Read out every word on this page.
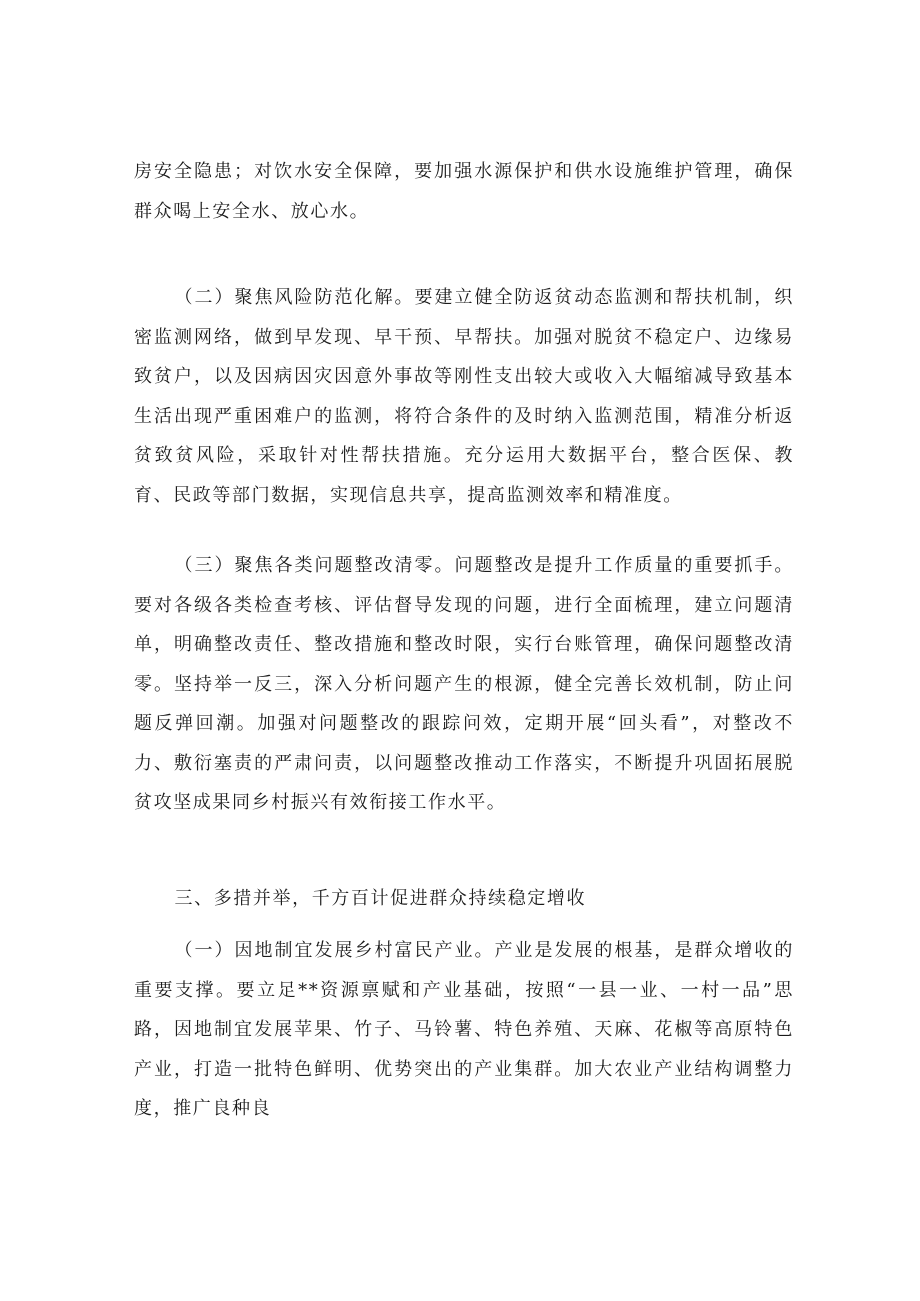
房安全隐患；对饮水安全保障，要加强水源保护和供水设施维护管理，确保群众喝上安全水、放心水。

（二）聚焦风险防范化解。要建立健全防返贫动态监测和帮扶机制，织密监测网络，做到早发现、早干预、早帮扶。加强对脱贫不稳定户、边缘易致贫户，以及因病因灾因意外事故等刚性支出较大或收入大幅缩减导致基本生活出现严重困难户的监测，将符合条件的及时纳入监测范围，精准分析返贫致贫风险，采取针对性帮扶措施。充分运用大数据平台，整合医保、教育、民政等部门数据，实现信息共享，提高监测效率和精准度。

（三）聚焦各类问题整改清零。问题整改是提升工作质量的重要抓手。要对各级各类检查考核、评估督导发现的问题，进行全面梳理，建立问题清单，明确整改责任、整改措施和整改时限，实行台账管理，确保问题整改清零。坚持举一反三，深入分析问题产生的根源，健全完善长效机制，防止问题反弹回潮。加强对问题整改的跟踪问效，定期开展“回头看”，对整改不力、敷衍塞责的严肃问责，以问题整改推动工作落实，不断提升巩固拓展脱贫攻坚成果同乡村振兴有效衔接工作水平。

三、多措并举，千方百计促进群众持续稳定增收

（一）因地制宜发展乡村富民产业。产业是发展的根基，是群众增收的重要支撑。要立足**资源禀赋和产业基础，按照“一县一业、一村一品”思路，因地制宜发展苹果、竹子、马铃薯、特色养殖、天麻、花椒等高原特色产业，打造一批特色鲜明、优势突出的产业集群。加大农业产业结构调整力度，推广良种良
